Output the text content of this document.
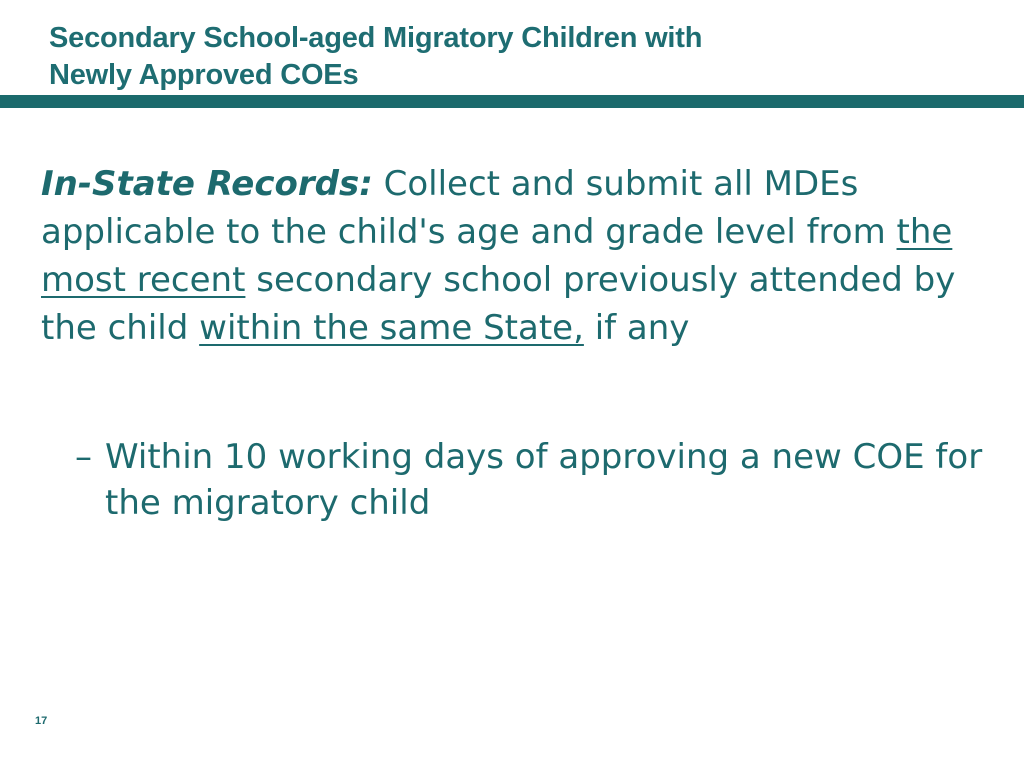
Secondary School-aged Migratory Children with
Newly Approved COEs

In-State Records: Collect and submit all MDEs applicable to the child's age and grade level from the most recent secondary school previously attended by the child within the same State, if any

– Within 10 working days of approving a new COE for the migratory child
17
